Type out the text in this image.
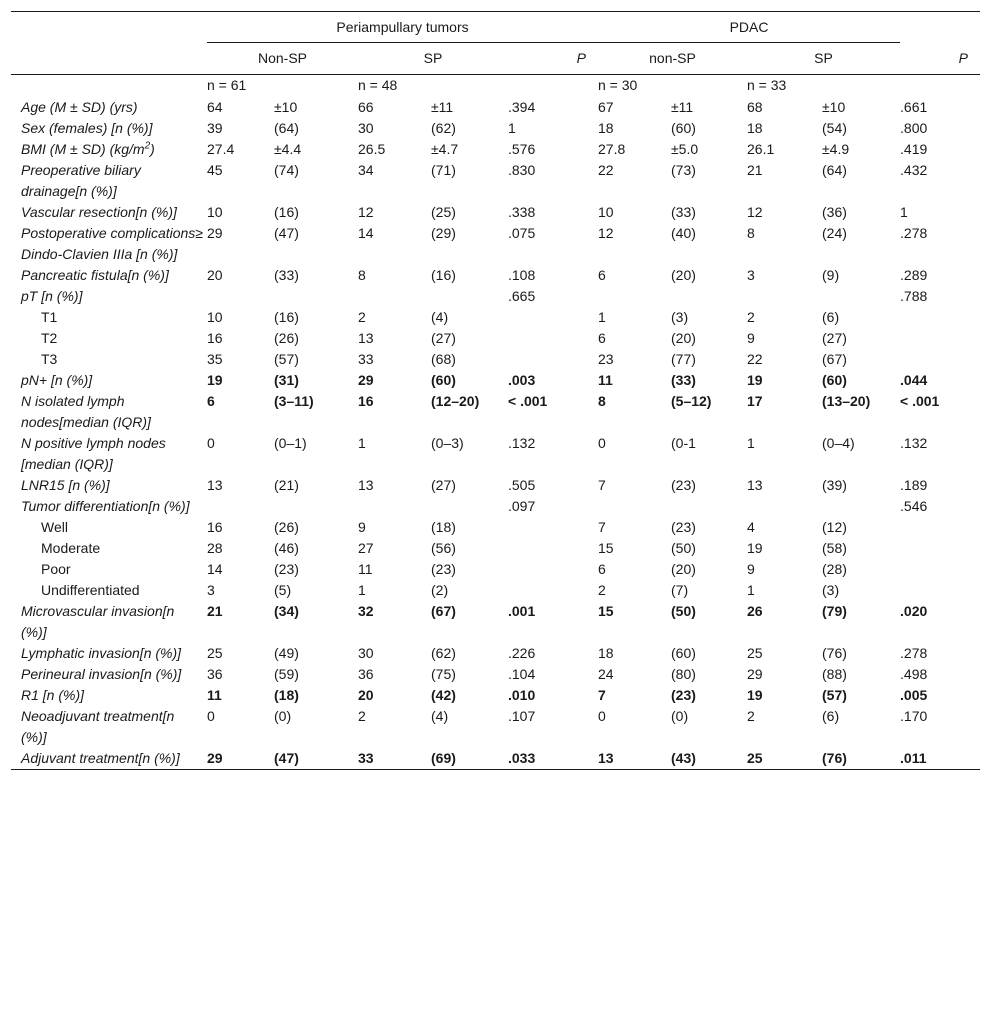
	Periampullary tumors					PDAC				
	Non-SP		SP		P	non-SP		SP		P
	n = 61		n = 48			n = 30		n = 33		
Age (M ± SD) (yrs)	64	±10	66	±11	.394	67	±11	68	±10	.661
Sex (females) [n (%)]	39	(64)	30	(62)	1	18	(60)	18	(54)	.800
BMI (M ± SD) $(kg/m^2)$	27.4	±4.4	26.5	±4.7	.576	27.8	±5.0	26.1	±4.9	.419
Preoperative biliary drainage[n (%)]	45	(74)	34	(71)	.830	22	(73)	21	(64)	.432
Vascular resection[n (%)]	10	(16)	12	(25)	.338	10	(33)	12	(36)	1
Postoperative complications≥ Dindo-Clavien IIIa [n (%)]	29	(47)	14	(29)	.075	12	(40)	8	(24)	.278
Pancreatic fistula[n (%)]	20	(33)	8	(16)	.108	6	(20)	3	(9)	.289
pT [n (%)]					.665					.788
T1	10	(16)	2	(4)		1	(3)	2	(6)	
T2	16	(26)	13	(27)		6	(20)	9	(27)	
T3	35	(57)	33	(68)		23	(77)	22	(67)	
pN+ [n (%)]	19	(31)	29	(60)	.003	11	(33)	19	(60)	.044
N isolated lymph nodes[median (IQR)]	6	(3–11)	16	(12–20)	< .001	8	(5–12)	17	(13–20)	< .001
N positive lymph nodes [median (IQR)]	0	(0–1)	1	(0–3)	.132	0	(0-1	1	(0–4)	.132
LNR15 [n (%)]	13	(21)	13	(27)	.505	7	(23)	13	(39)	.189
Tumor differentiation[n (%)]					.097					.546
Well	16	(26)	9	(18)		7	(23)	4	(12)	
Moderate	28	(46)	27	(56)		15	(50)	19	(58)	
Poor	14	(23)	11	(23)		6	(20)	9	(28)	
Undifferentiated	3	(5)	1	(2)		2	(7)	1	(3)	
Microvascular invasion[n (%)]	21	(34)	32	(67)	.001	15	(50)	26	(79)	.020
Lymphatic invasion[n (%)]	25	(49)	30	(62)	.226	18	(60)	25	(76)	.278
Perineural invasion[n (%)]	36	(59)	36	(75)	.104	24	(80)	29	(88)	.498
R1 [n (%)]	11	(18)	20	(42)	.010	7	(23)	19	(57)	.005
Neoadjuvant treatment[n (%)]	0	(0)	2	(4)	.107	0	(0)	2	(6)	.170
Adjuvant treatment[n (%)]	29	(47)	33	(69)	.033	13	(43)	25	(76)	.011
